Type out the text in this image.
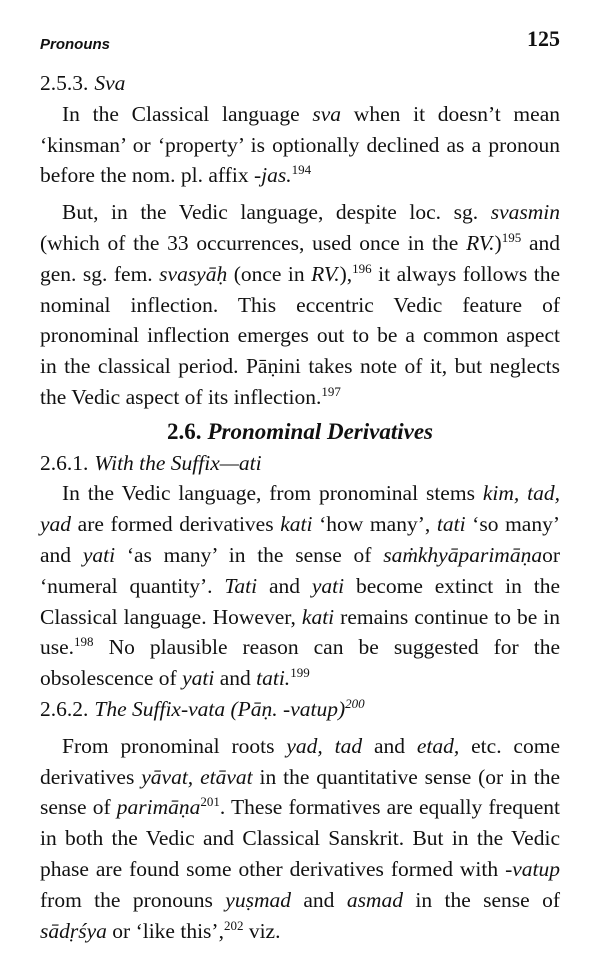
Pronouns	125
2.5.3. Sva

In the Classical language sva when it doesn’t mean ‘kinsman’ or ‘property’ is optionally declined as a pronoun before the nom. pl. affix -jas.$^{194}$

But, in the Vedic language, despite loc. sg. svasmin (which of the 33 occurrences, used once in the RV.)$^{195}$ and gen. sg. fem. svasyāḥ (once in RV.),$^{196}$ it always follows the nominal inflection. This eccentric Vedic feature of pronominal inflection emerges out to be a common aspect in the classical period. Pāṇini takes note of it, but neglects the Vedic aspect of its inflection.$^{197}$

2.6. Pronominal Derivatives
2.6.1. With the Suffix—ati

In the Vedic language, from pronominal stems kim, tad, yad are formed derivatives kati ‘how many’, tati ‘so many’ and yati ‘as many’ in the sense of saṁkhyāparimāṇaor ‘numeral quantity’. Tati and yati become extinct in the Classical language. However, kati remains continue to be in use.$^{198}$ No plausible reason can be suggested for the obsolescence of yati and tati.$^{199}$

2.6.2. The Suffix-vata (Pāṇ. -vatup)$^{200}$

From pronominal roots yad, tad and etad, etc. come derivatives yāvat, etāvat in the quantitative sense (or in the sense of parimāṇa$^{201}$. These formatives are equally frequent in both the Vedic and Classical Sanskrit. But in the Vedic phase are found some other derivatives formed with -vatup from the pronouns yuṣmad and asmad in the sense of sādṛśya or ‘like this’,$^{202}$ viz.
